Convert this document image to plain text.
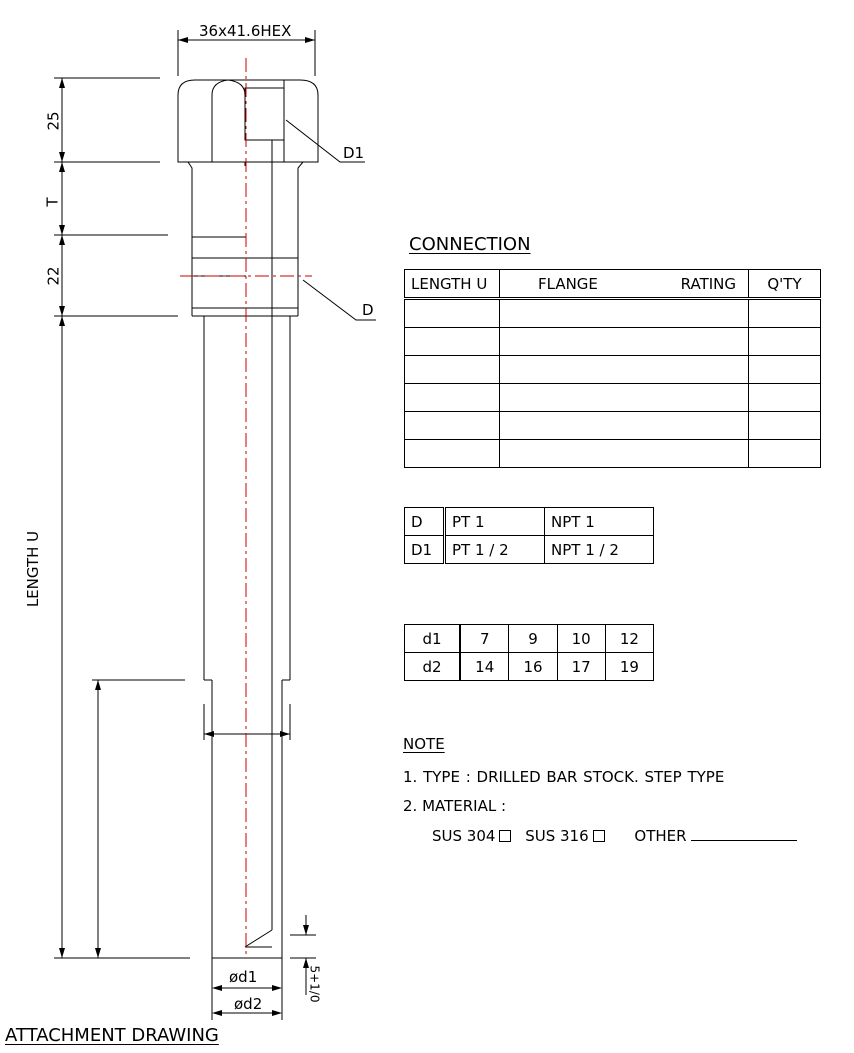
36x41.6HEX
25
T
22
LENGTH U
D1
D
ød1
ød2
5+1/0
ATTACHMENT DRAWING
CONNECTION
LENGTH U	FLANGE RATING	Q'TY

D	PT 1	NPT 1
D1	PT 1 / 2	NPT 1 / 2
d1	7	9	10	12
d2	14	16	17	19
NOTE
1. TYPE : DRILLED BAR STOCK. STEP TYPE
2. MATERIAL :
SUS 304 SUS 316	OTHER
